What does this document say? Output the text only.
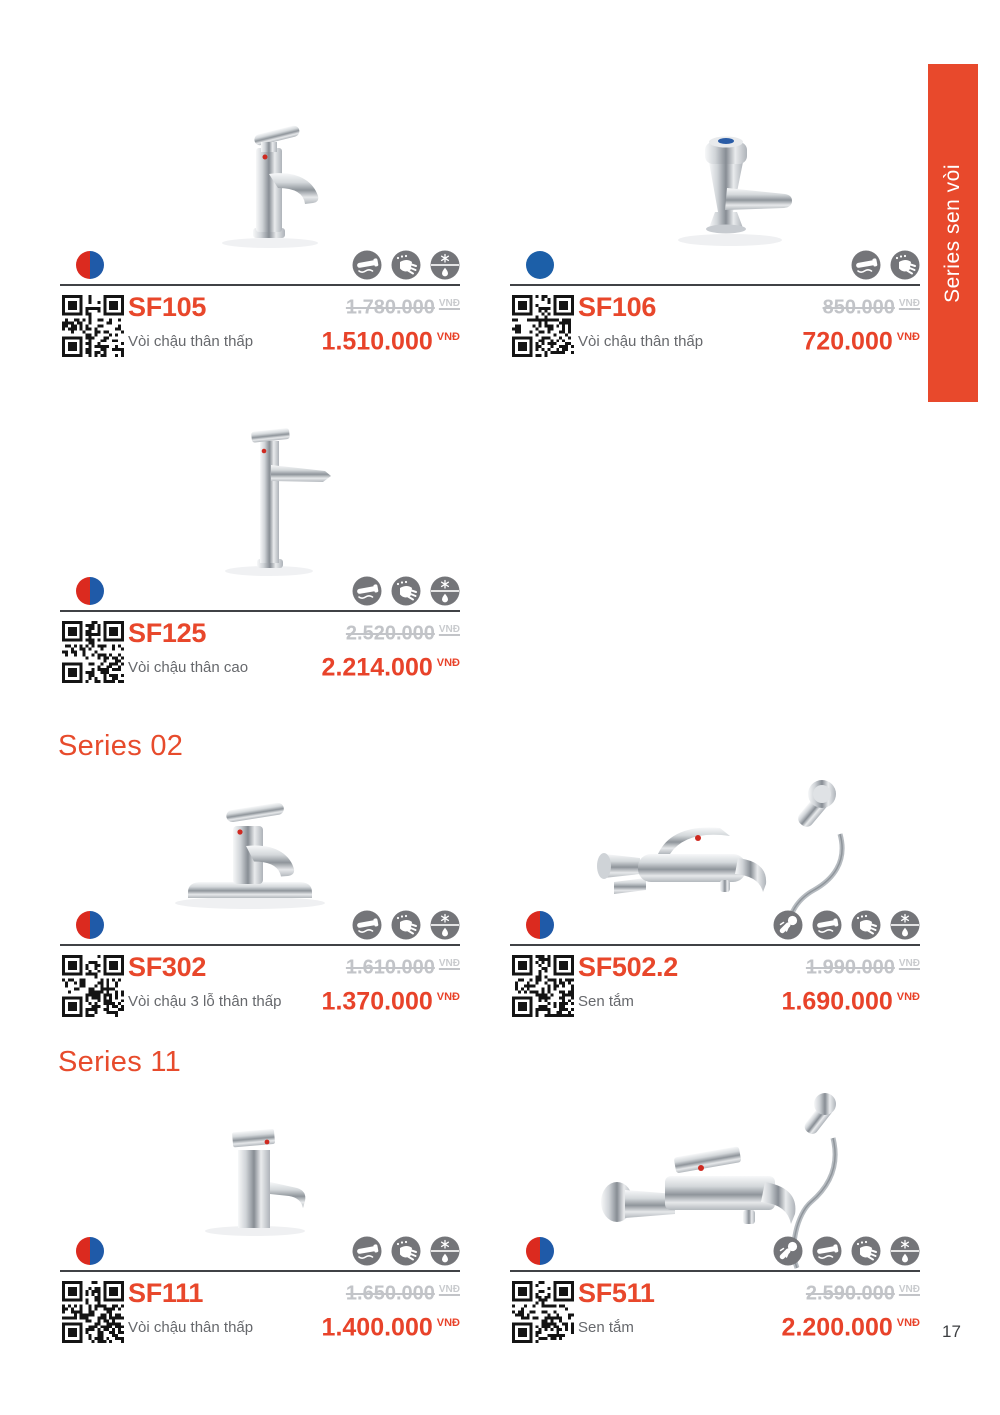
Series sen vòi
SF105
Vòi chậu thân thấp
1.780.000 $^{VNĐ}$
1.510.000 $^{VNĐ}$
SF106
Vòi chậu thân thấp
850.000 $^{VNĐ}$
720.000 $^{VNĐ}$
SF125
Vòi chậu thân cao
2.520.000 $^{VNĐ}$
2.214.000 $^{VNĐ}$
Series 02
SF302
Vòi chậu 3 lỗ thân thấp
1.610.000 $^{VNĐ}$
1.370.000 $^{VNĐ}$
SF502.2
Sen tắm
1.990.000 $^{VNĐ}$
1.690.000 $^{VNĐ}$
Series 11
SF111
Vòi chậu thân thấp
1.650.000 $^{VNĐ}$
1.400.000 $^{VNĐ}$
SF511
Sen tắm
2.590.000 $^{VNĐ}$
2.200.000 $^{VNĐ}$ 17
